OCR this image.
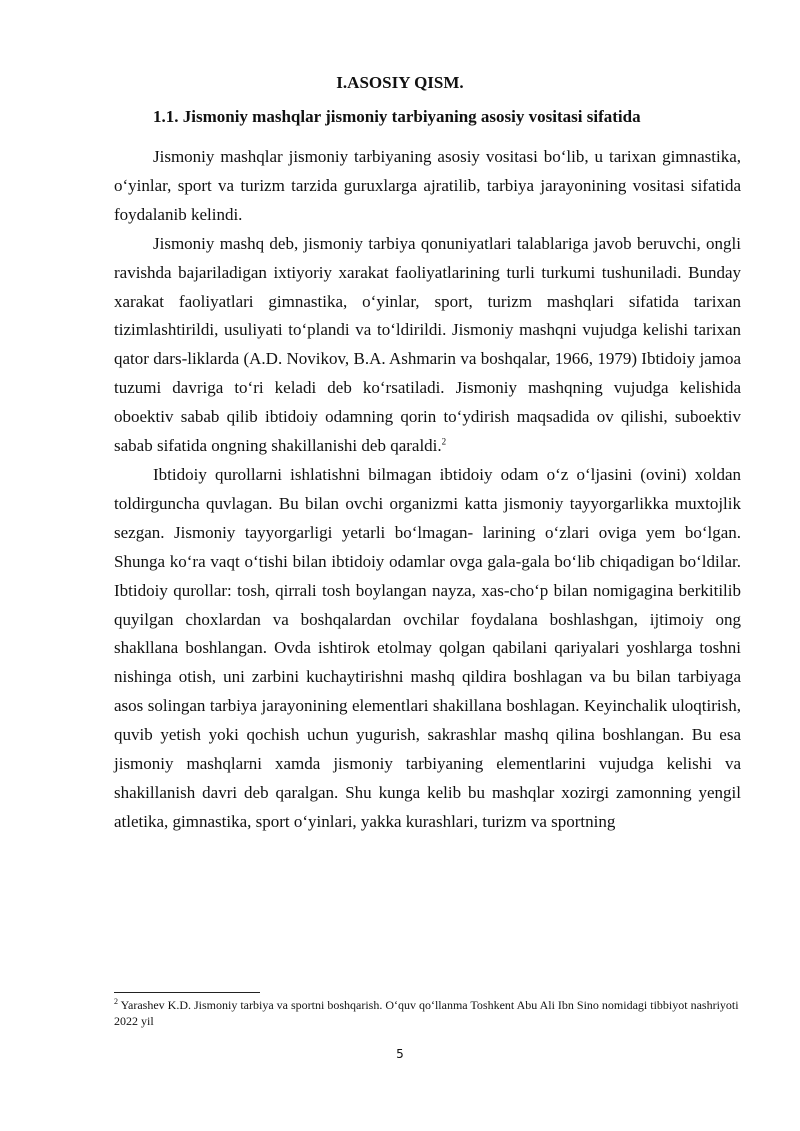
I.ASOSIY QISM.
1.1. Jismoniy mashqlar jismoniy tarbiyaning asosiy vositasi sifatida

Jismoniy mashqlar jismoniy tarbiyaning asosiy vositasi bo‘lib, u tarixan gimnastika, o‘yinlar, sport va turizm tarzida guruxlarga ajratilib, tarbiya jarayonining vositasi sifatida foydalanib kelindi.

Jismoniy mashq deb, jismoniy tarbiya qonuniyatlari talablariga javob beruvchi, ongli ravishda bajariladigan ixtiyoriy xarakat faoliyatlarining turli turkumi tushuniladi. Bunday xarakat faoliyatlari gimnastika, o‘yinlar, sport, turizm mashqlari sifatida tarixan tizimlashtirildi, usuliyati to‘plandi va to‘ldirildi. Jismoniy mashqni vujudga kelishi tarixan qator dars-liklarda (A.D. Novikov, B.A. Ashmarin va boshqalar, 1966, 1979) Ibtidoiy jamoa tuzumi davriga to‘ri keladi deb ko‘rsatiladi. Jismoniy mashqning vujudga kelishida oboektiv sabab qilib ibtidoiy odamning qorin to‘ydirish maqsadida ov qilishi, suboektiv sabab sifatida ongning shakillanishi deb qaraldi.$^2$

Ibtidoiy qurollarni ishlatishni bilmagan ibtidoiy odam o‘z o‘ljasini (ovini) xoldan toldirguncha quvlagan. Bu bilan ovchi organizmi katta jismoniy tayyorgarlikka muxtojlik sezgan. Jismoniy tayyorgarligi yetarli bo‘lmagan- larining o‘zlari oviga yem bo‘lgan. Shunga ko‘ra vaqt o‘tishi bilan ibtidoiy odamlar ovga gala-gala bo‘lib chiqadigan bo‘ldilar. Ibtidoiy qurollar: tosh, qirrali tosh boylangan nayza, xas-cho‘p bilan nomigagina berkitilib quyilgan choxlardan va boshqalardan ovchilar foydalana boshlashgan, ijtimoiy ong shakllana boshlangan. Ovda ishtirok etolmay qolgan qabilani qariyalari yoshlarga toshni nishinga otish, uni zarbini kuchaytirishni mashq qildira boshlagan va bu bilan tarbiyaga asos solingan tarbiya jarayonining elementlari shakillana boshlagan. Keyinchalik uloqtirish, quvib yetish yoki qochish uchun yugurish, sakrashlar mashq qilina boshlangan. Bu esa jismoniy mashqlarni xamda jismoniy tarbiyaning elementlarini vujudga kelishi va shakillanish davri deb qaralgan. Shu kunga kelib bu mashqlar xozirgi zamonning yengil atletika, gimnastika, sport o‘yinlari, yakka kurashlari, turizm va sportning

$^2$ Yarashev K.D. Jismoniy tarbiya va sportni boshqarish. O‘quv qo‘llanma Toshkent Abu Ali Ibn Sino nomidagi tibbiyot nashriyoti 2022 yil
5
